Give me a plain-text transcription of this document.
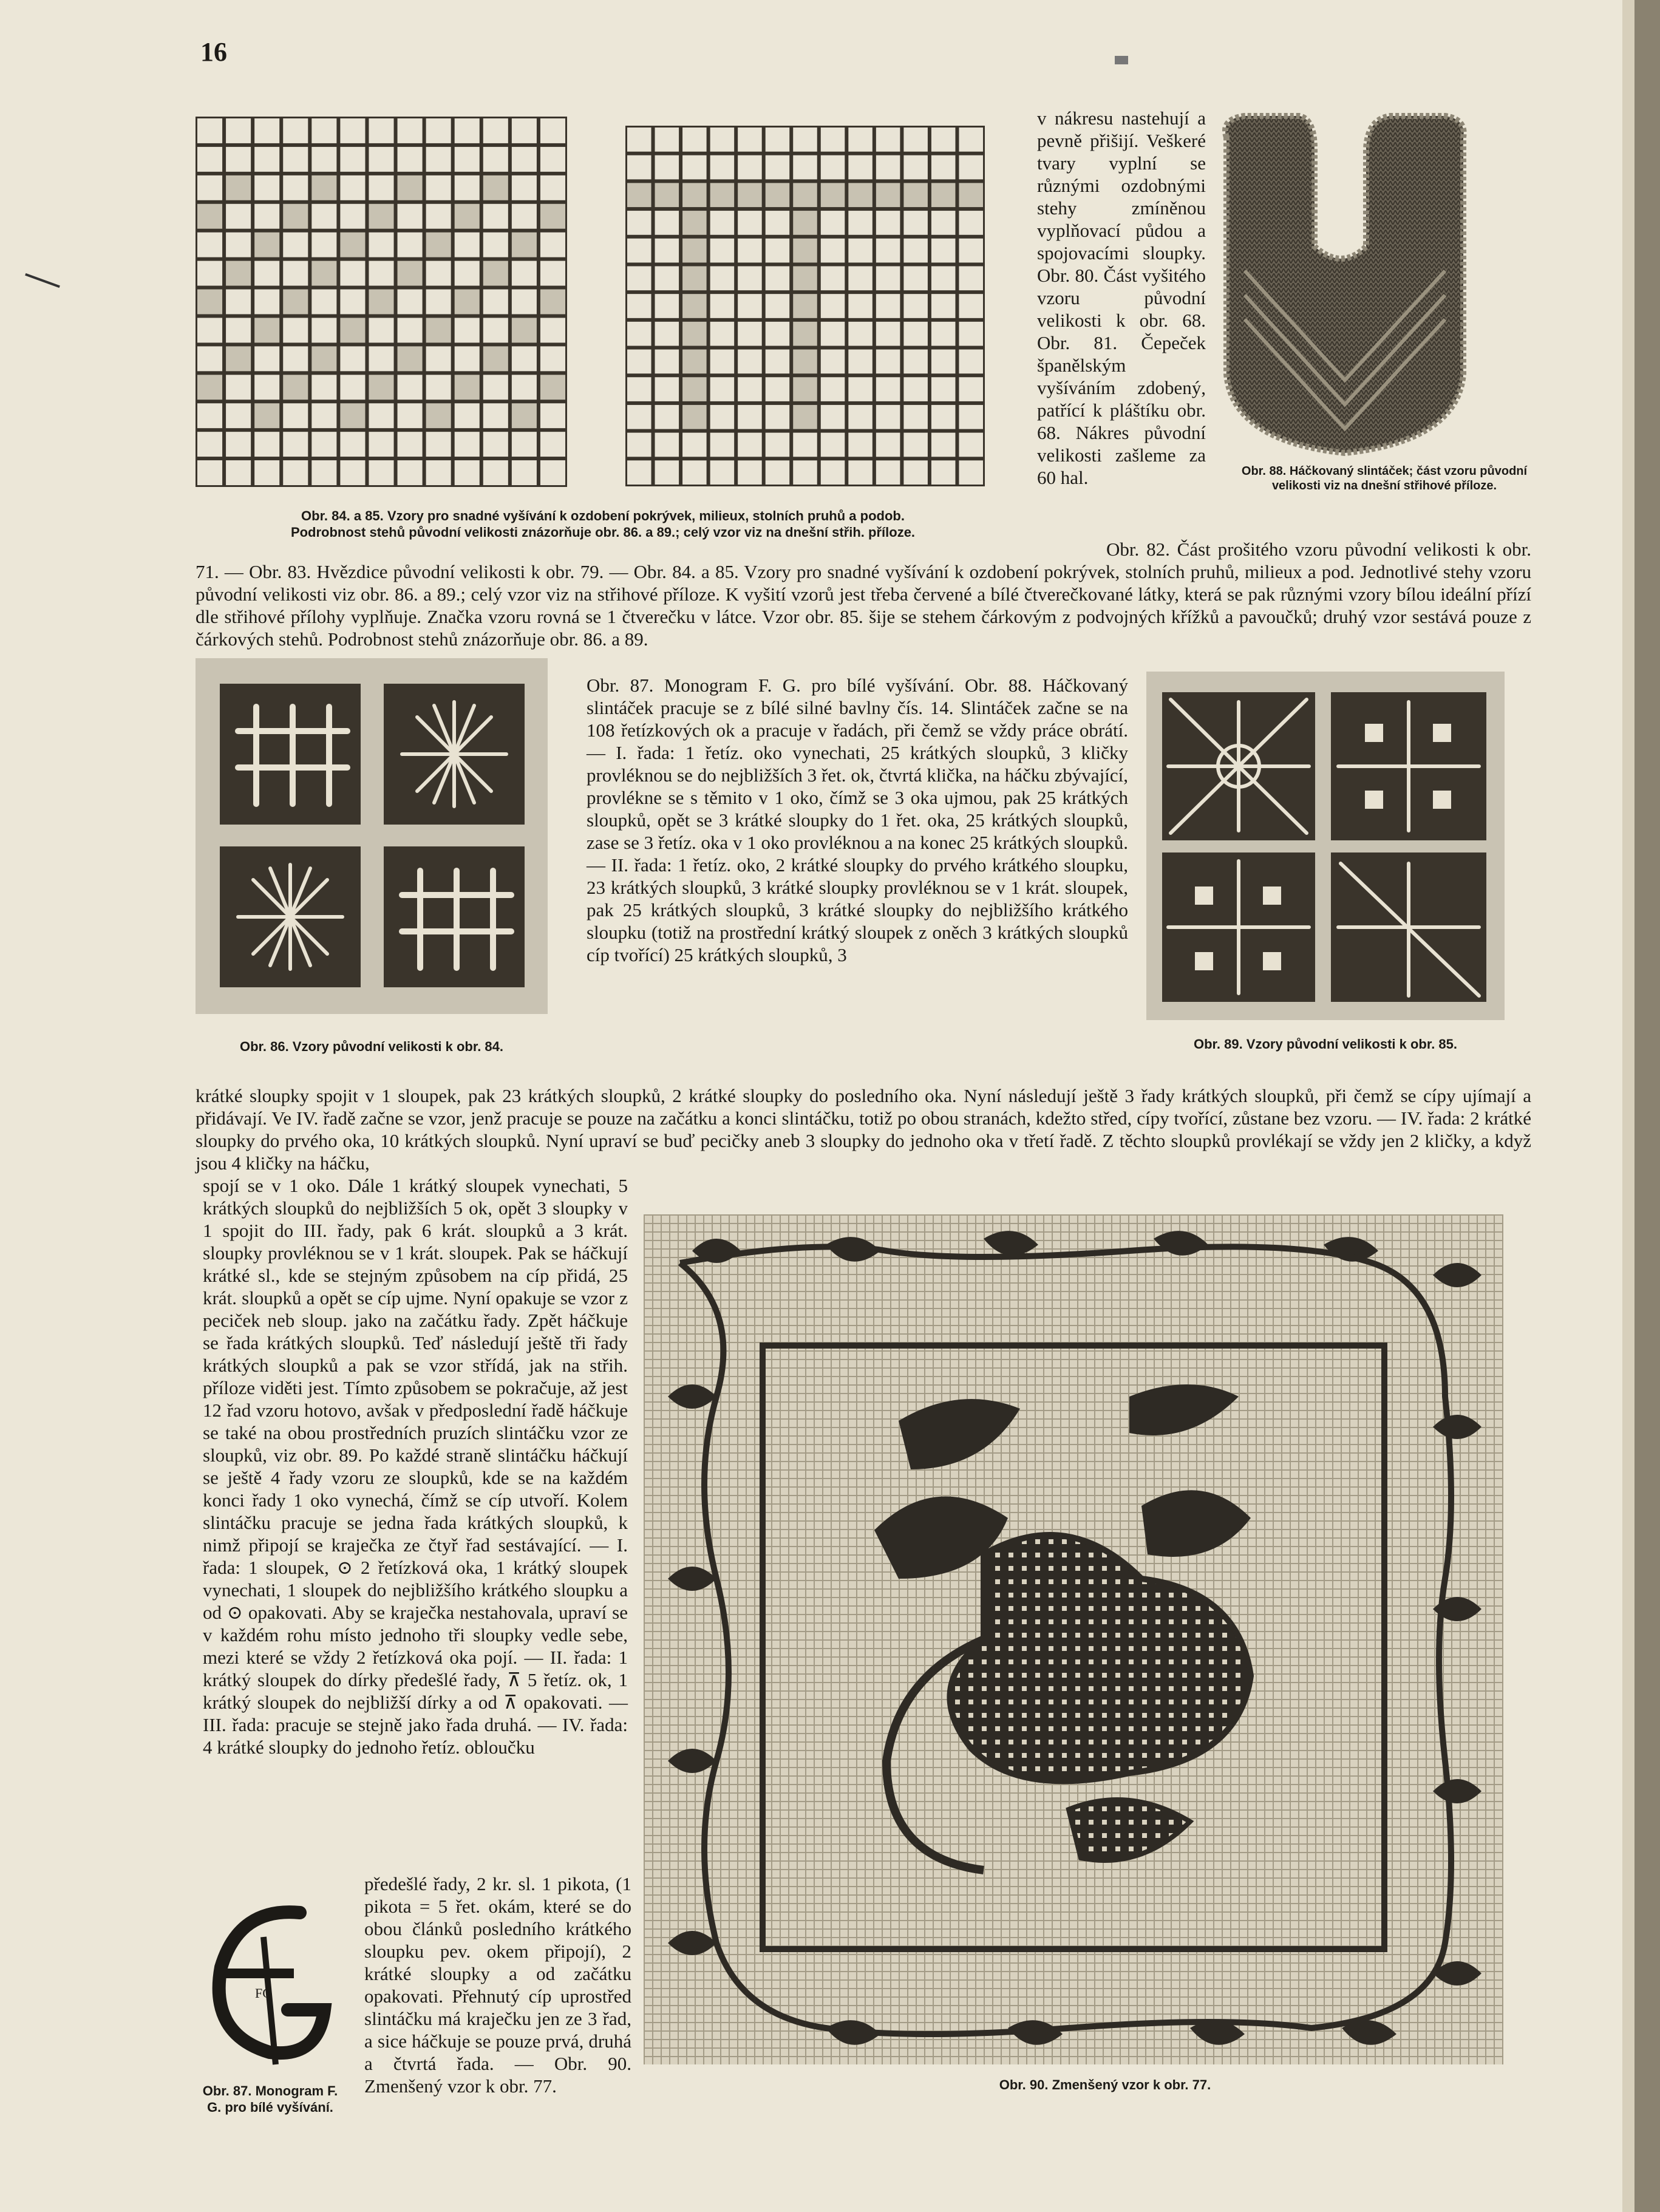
16
Obr. 84. a 85. Vzory pro snadné vyšívání k ozdobení pokrývek, milieux, stolních pruhů a podob.
Podrobnost stehů původní velikosti znázorňuje obr. 86. a 89.; celý vzor viz na dnešní střih. příloze.
Obr. 88. Háčkovaný slintáček; část vzoru původní velikosti viz na dnešní střihové příloze.

v nákresu nastehují a pevně přišijí. Veškeré tvary vyplní se různými ozdobnými stehy zmíněnou vyplňovací půdou a spojovacími sloupky. Obr. 80. Část vyšitého vzoru původní velikosti k obr. 68. Obr. 81. Čepeček španělským vyšíváním zdobený, patřící k pláštíku obr. 68. Nákres původní velikosti zašleme za 60 hal.

Obr. 82. Část prošitého vzoru původní velikosti k obr. 71. — Obr. 83. Hvězdice původní velikosti k obr. 79. — Obr. 84. a 85. Vzory pro snadné vyšívání k ozdobení pokrývek, stolních pruhů, milieux a pod. Jednotlivé stehy vzoru původní velikosti viz obr. 86. a 89.; celý vzor viz na střihové příloze. K vyšití vzorů jest třeba červené a bílé čtverečkované látky, která se pak různými vzory bílou ideální přízí dle střihové přílohy vyplňuje. Značka vzoru rovná se 1 čtverečku v látce. Vzor obr. 85. šije se stehem čárkovým z podvojných křížků a pavoučků; druhý vzor sestává pouze z čárkových stehů. Podrobnost stehů znázorňuje obr. 86. a 89.

Obr. 86. Vzory původní velikosti k obr. 84.

Obr. 87. Monogram F. G. pro bílé vyšívání. Obr. 88. Háčkovaný slintáček pracuje se z bílé silné bavlny čís. 14. Slintáček začne se na 108 řetízkových ok a pracuje v řadách, při čemž se vždy práce obrátí. — I. řada: 1 řetíz. oko vynechati, 25 krátkých sloupků, 3 kličky provléknou se do nejbližších 3 řet. ok, čtvrtá klička, na háčku zbývající, provlékne se s těmito v 1 oko, čímž se 3 oka ujmou, pak 25 krátkých sloupků, opět se 3 krátké sloupky do 1 řet. oka, 25 krátkých sloupků, zase se 3 řetíz. oka v 1 oko provléknou a na konec 25 krátkých sloupků. — II. řada: 1 řetíz. oko, 2 krátké sloupky do prvého krátkého sloupku, 23 krátkých sloupků, 3 krátké sloupky provléknou se v 1 krát. sloupek, pak 25 krátkých sloupků, 3 krátké sloupky do nejbližšího krátkého sloupku (totiž na prostřední krátký sloupek z oněch 3 krátkých sloupků cíp tvořící) 25 krátkých sloupků, 3

Obr. 89. Vzory původní velikosti k obr. 85.

krátké sloupky spojit v 1 sloupek, pak 23 krátkých sloupků, 2 krátké sloupky do posledního oka. Nyní následují ještě 3 řady krátkých sloupků, při čemž se cípy ujímají a přidávají. Ve IV. řadě začne se vzor, jenž pracuje se pouze na začátku a konci slintáčku, totiž po obou stranách, kdežto střed, cípy tvořící, zůstane bez vzoru. — IV. řada: 2 krátké sloupky do prvého oka, 10 krátkých sloupků. Nyní upraví se buď pecičky aneb 3 sloupky do jednoho oka v třetí řadě. Z těchto sloupků provlékají se vždy jen 2 kličky, a když jsou 4 kličky na háčku,

spojí se v 1 oko. Dále 1 krátký sloupek vynechati, 5 krátkých sloupků do nejbližších 5 ok, opět 3 sloupky v 1 spojit do III. řady, pak 6 krát. sloupků a 3 krát. sloupky provléknou se v 1 krát. sloupek. Pak se háčkují krátké sl., kde se stejným způsobem na cíp přidá, 25 krát. sloupků a opět se cíp ujme. Nyní opakuje se vzor z peciček neb sloup. jako na začátku řady. Zpět háčkuje se řada krátkých sloupků. Teď následují ještě tři řady krátkých sloupků a pak se vzor střídá, jak na střih. příloze viděti jest. Tímto způsobem se pokračuje, až jest 12 řad vzoru hotovo, avšak v předposlední řadě háčkuje se také na obou prostředních pruzích slintáčku vzor ze sloupků, viz obr. 89. Po každé straně slintáčku háčkují se ještě 4 řady vzoru ze sloupků, kde se na každém konci řady 1 oko vynechá, čímž se cíp utvoří. Kolem slintáčku pracuje se jedna řada krátkých sloupků, k nimž připojí se kraječka ze čtyř řad sestávající. — I. řada: 1 sloupek, ⊙ 2 řetízková oka, 1 krátký sloupek vynechati, 1 sloupek do nejbližšího krátkého sloupku a od ⊙ opakovati. Aby se kraječka nestahovala, upraví se v každém rohu místo jednoho tři sloupky vedle sebe, mezi které se vždy 2 řetízková oka pojí. — II. řada: 1 krátký sloupek do dírky předešlé řady, ⊼ 5 řetíz. ok, 1 krátký sloupek do nejbližší dírky a od ⊼ opakovati. — III. řada: pracuje se stejně jako řada druhá. — IV. řada: 4 krátké sloupky do jednoho řetíz. obloučku

Obr. 90. Zmenšený vzor k obr. 77.
FG
Obr. 87. Monogram F. G. pro bílé vyšívání.

předešlé řady, 2 kr. sl. 1 pikota, (1 pikota = 5 řet. okám, které se do obou článků posledního krátkého sloupku pev. okem připojí), 2 krátké sloupky a od začátku opakovati. Přehnutý cíp uprostřed slintáčku má kraječku jen ze 3 řad, a sice háčkuje se pouze prvá, druhá a čtvrtá řada. — Obr. 90. Zmenšený vzor k obr. 77.
